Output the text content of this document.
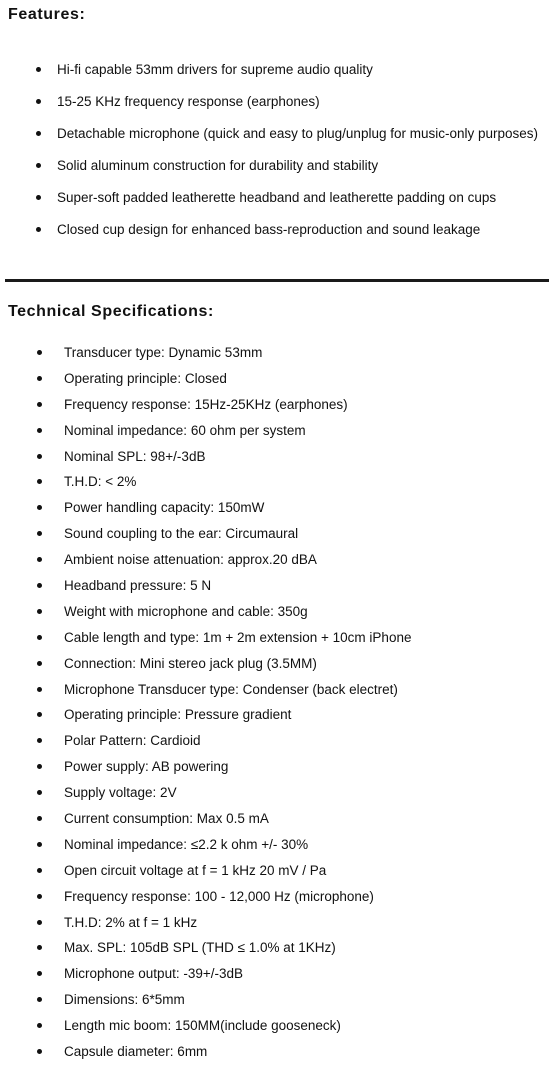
Features:
Hi-fi capable 53mm drivers for supreme audio quality
15-25 KHz frequency response (earphones)
Detachable microphone (quick and easy to plug/unplug for music-only purposes)
Solid aluminum construction for durability and stability
Super-soft padded leatherette headband and leatherette padding on cups
Closed cup design for enhanced bass-reproduction and sound leakage
Technical Specifications:
Transducer type: Dynamic 53mm
Operating principle: Closed
Frequency response: 15Hz-25KHz (earphones)
Nominal impedance: 60 ohm per system
Nominal SPL: 98+/-3dB
T.H.D: < 2%
Power handling capacity: 150mW
Sound coupling to the ear: Circumaural
Ambient noise attenuation: approx.20 dBA
Headband pressure: 5 N
Weight with microphone and cable: 350g
Cable length and type: 1m + 2m extension + 10cm iPhone
Connection: Mini stereo jack plug (3.5MM)
Microphone Transducer type: Condenser (back electret)
Operating principle: Pressure gradient
Polar Pattern: Cardioid
Power supply: AB powering
Supply voltage: 2V
Current consumption: Max 0.5 mA
Nominal impedance: ≤2.2 k ohm +/- 30%
Open circuit voltage at f = 1 kHz 20 mV / Pa
Frequency response: 100 - 12,000 Hz (microphone)
T.H.D: 2% at f = 1 kHz
Max. SPL: 105dB SPL (THD ≤ 1.0% at 1KHz)
Microphone output: -39+/-3dB
Dimensions: 6*5mm
Length mic boom: 150MM(include gooseneck)
Capsule diameter: 6mm
